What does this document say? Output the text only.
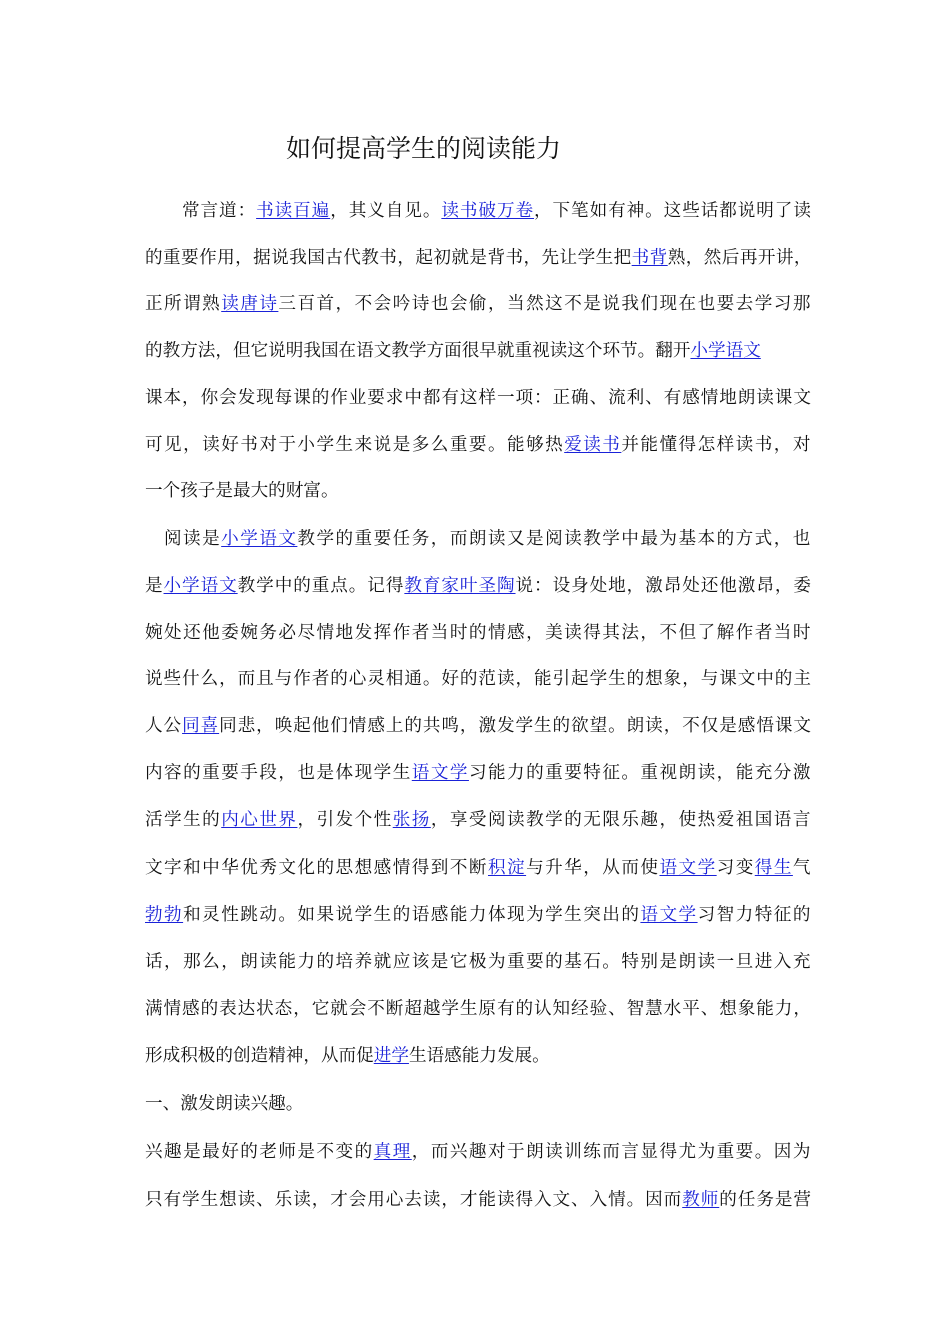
如何提高学生的阅读能力
常言道：书读百遍，其义自见。读书破万卷，下笔如有神。这些话都说明了读
的重要作用，据说我国古代教书，起初就是背书，先让学生把书背熟，然后再开讲，
正所谓熟读唐诗三百首，不会吟诗也会偷，当然这不是说我们现在也要去学习那
的教方法，但它说明我国在语文教学方面很早就重视读这个环节。翻开小学语文
课本，你会发现每课的作业要求中都有这样一项：正确、流利、有感情地朗读课文
可见，读好书对于小学生来说是多么重要。能够热爱读书并能懂得怎样读书，对
一个孩子是最大的财富。
阅读是小学语文教学的重要任务，而朗读又是阅读教学中最为基本的方式，也
是小学语文教学中的重点。记得教育家叶圣陶说：设身处地，激昂处还他激昂，委
婉处还他委婉务必尽情地发挥作者当时的情感，美读得其法，不但了解作者当时
说些什么，而且与作者的心灵相通。好的范读，能引起学生的想象，与课文中的主
人公同喜同悲，唤起他们情感上的共鸣，激发学生的欲望。朗读，不仅是感悟课文
内容的重要手段，也是体现学生语文学习能力的重要特征。重视朗读，能充分激
活学生的内心世界，引发个性张扬，享受阅读教学的无限乐趣，使热爱祖国语言
文字和中华优秀文化的思想感情得到不断积淀与升华，从而使语文学习变得生气
勃勃和灵性跳动。如果说学生的语感能力体现为学生突出的语文学习智力特征的
话，那么，朗读能力的培养就应该是它极为重要的基石。特别是朗读一旦进入充
满情感的表达状态，它就会不断超越学生原有的认知经验、智慧水平、想象能力，
形成积极的创造精神，从而促进学生语感能力发展。
一、激发朗读兴趣。
兴趣是最好的老师是不变的真理，而兴趣对于朗读训练而言显得尤为重要。因为
只有学生想读、乐读，才会用心去读，才能读得入文、入情。因而教师的任务是营
